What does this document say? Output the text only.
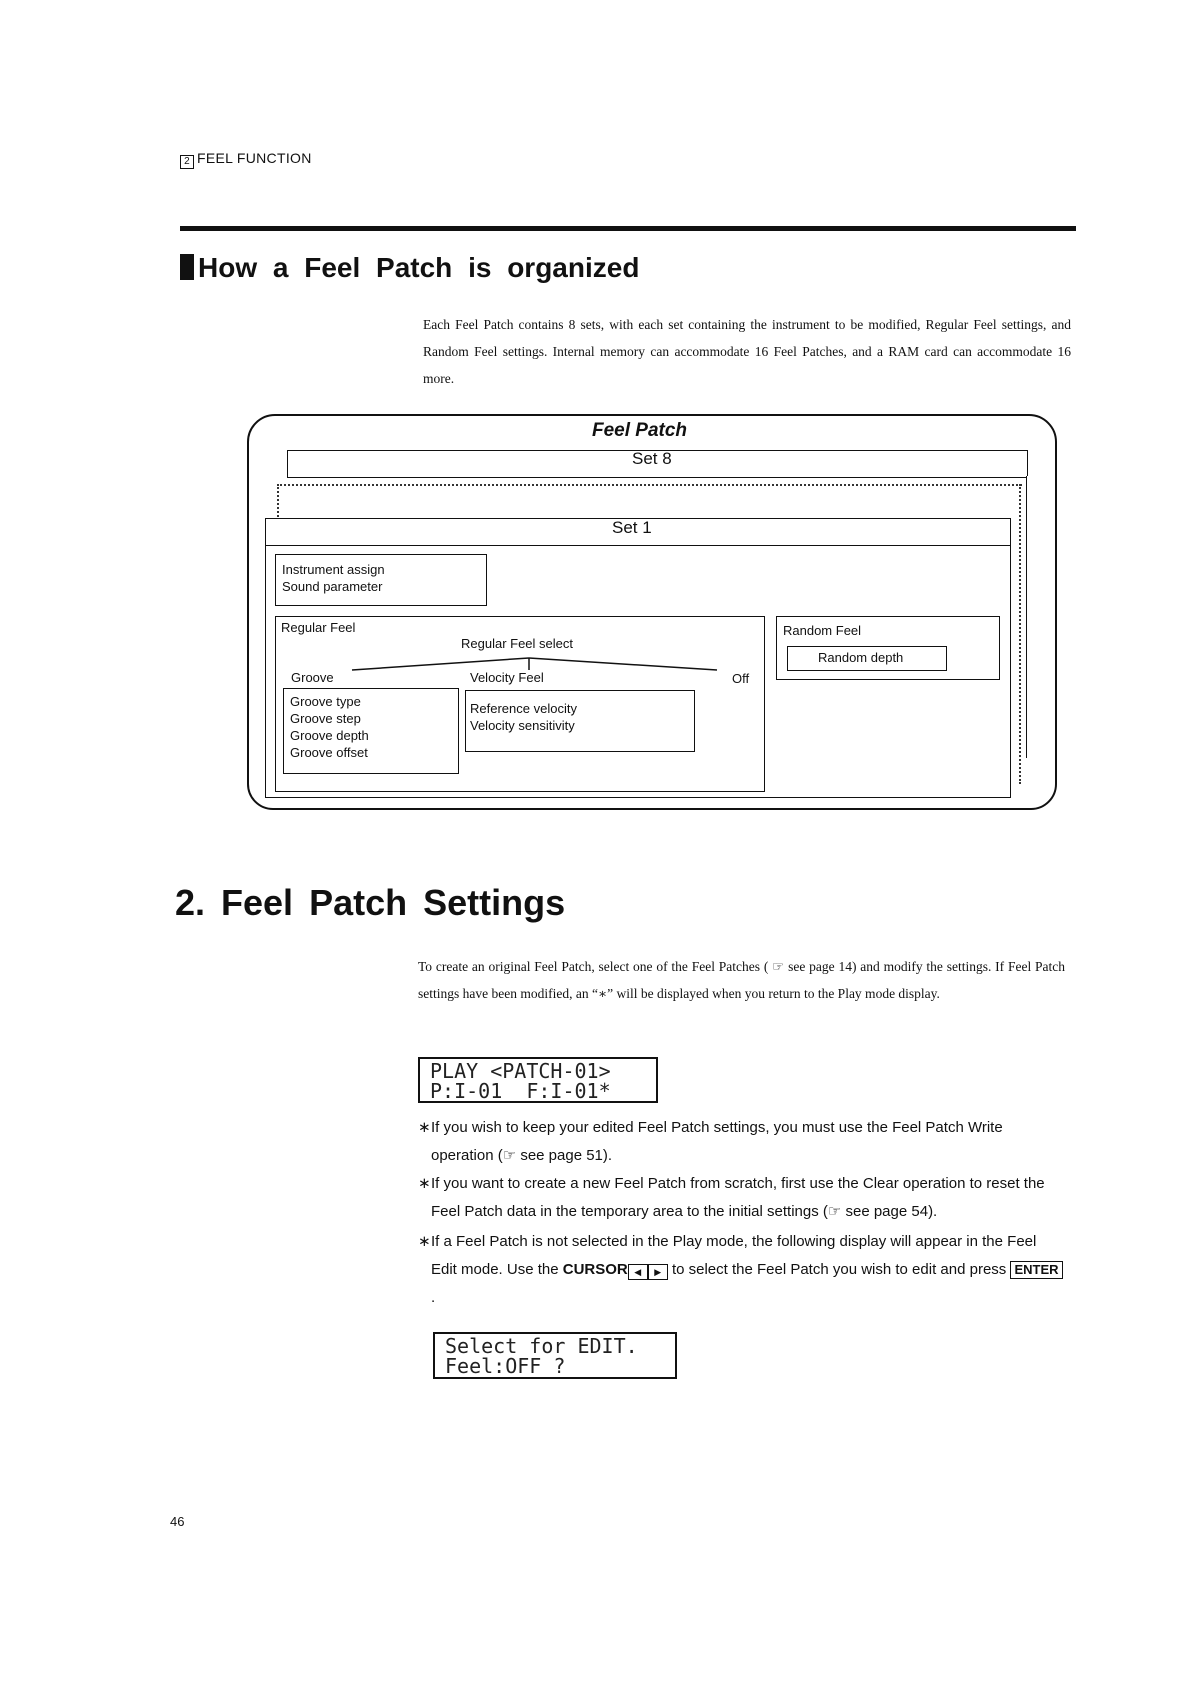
2 FEEL FUNCTION
How a Feel Patch is organized
Each Feel Patch contains 8 sets, with each set containing the instrument to be modified, Regular Feel settings, and Random Feel settings. Internal memory can accommodate 16 Feel Patches, and a RAM card can accommodate 16 more.
Feel Patch
Set 8
Set 1
Instrument assign
Sound parameter
Regular Feel
Regular Feel select
Groove	Velocity Feel	Off
Groove type
Groove step
Groove depth
Groove offset
Reference velocity
Velocity sensitivity
Random Feel
Random depth
2. Feel Patch Settings
To create an original Feel Patch, select one of the Feel Patches ( ☞ see page 14) and modify the settings. If Feel Patch settings have been modified, an “∗” will be displayed when you return to the Play mode display.
PLAY <PATCH-01>
P:I-01  F:I-01*
∗ If you wish to keep your edited Feel Patch settings, you must use the Feel Patch Write operation (☞ see page 51).
∗ If you want to create a new Feel Patch from scratch, first use the Clear operation to reset the Feel Patch data in the temporary area to the initial settings (☞ see page 54).
∗ If a Feel Patch is not selected in the Play mode, the following display will appear in the Feel Edit mode. Use the CURSOR ◀ ▶ to select the Feel Patch you wish to edit and press ENTER.
Select for EDIT.
Feel:OFF ?
46
